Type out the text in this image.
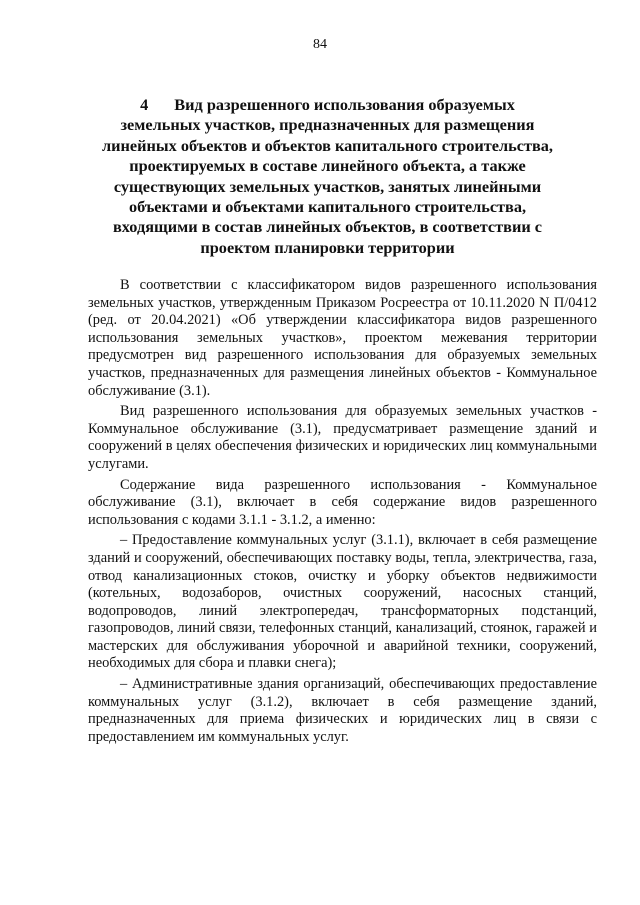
84
4 Вид разрешенного использования образуемых земельных участков, предназначенных для размещения линейных объектов и объектов капитального строительства, проектируемых в составе линейного объекта, а также существующих земельных участков, занятых линейными объектами и объектами капитального строительства, входящими в состав линейных объектов, в соответствии с проектом планировки территории

В соответствии с классификатором видов разрешенного использования земельных участков, утвержденным Приказом Росреестра от 10.11.2020 N П/0412 (ред. от 20.04.2021) «Об утверждении классификатора видов разрешенного использования земельных участков», проектом межевания территории предусмотрен вид разрешенного использования для образуемых земельных участков, предназначенных для размещения линейных объектов - Коммунальное обслуживание (3.1).

Вид разрешенного использования для образуемых земельных участков - Коммунальное обслуживание (3.1), предусматривает размещение зданий и сооружений в целях обеспечения физических и юридических лиц коммунальными услугами.

Содержание вида разрешенного использования - Коммунальное обслуживание (3.1), включает в себя содержание видов разрешенного использования с кодами 3.1.1 - 3.1.2, а именно:

– Предоставление коммунальных услуг (3.1.1), включает в себя размещение зданий и сооружений, обеспечивающих поставку воды, тепла, электричества, газа, отвод канализационных стоков, очистку и уборку объектов недвижимости (котельных, водозаборов, очистных сооружений, насосных станций, водопроводов, линий электропередач, трансформаторных подстанций, газопроводов, линий связи, телефонных станций, канализаций, стоянок, гаражей и мастерских для обслуживания уборочной и аварийной техники, сооружений, необходимых для сбора и плавки снега);

– Административные здания организаций, обеспечивающих предоставление коммунальных услуг (3.1.2), включает в себя размещение зданий, предназначенных для приема физических и юридических лиц в связи с предоставлением им коммунальных услуг.
